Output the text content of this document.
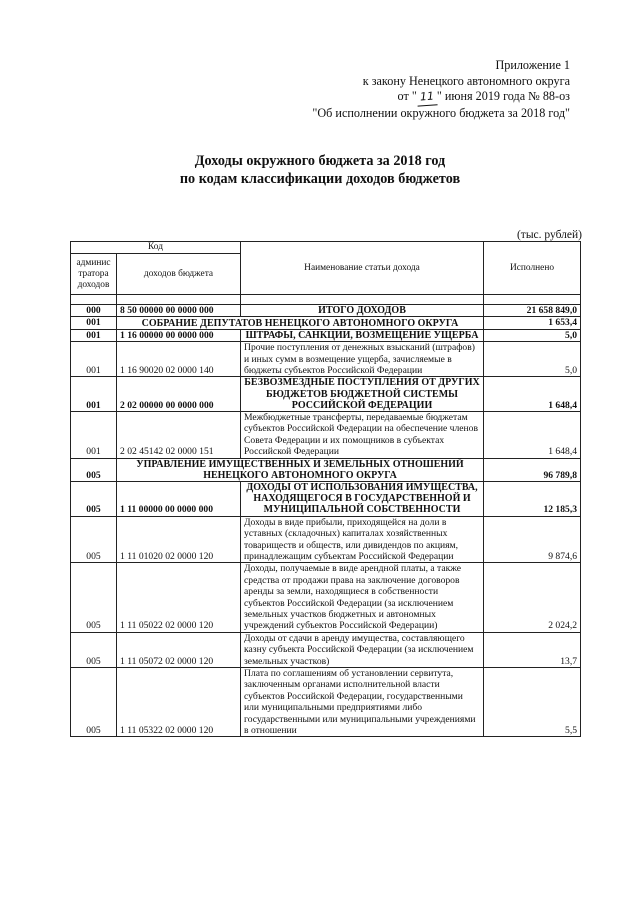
Приложение 1
к закону Ненецкого автономного округа
от " 11 " июня 2019 года № 88-оз
"Об исполнении окружного бюджета за 2018 год"
Доходы окружного бюджета за 2018 год
по кодам классификации доходов бюджетов
(тыс. рублей)
Код		Наименование статьи дохода	Исполнено
админис тратора доходов	доходов бюджета		

000	8 50 00000 00 0000 000	ИТОГО ДОХОДОВ	21 658 849,0
001	СОБРАНИЕ ДЕПУТАТОВ НЕНЕЦКОГО АВТОНОМНОГО ОКРУГА		1 653,4
001	1 16 00000 00 0000 000	ШТРАФЫ, САНКЦИИ, ВОЗМЕЩЕНИЕ УЩЕРБА	5,0
001	1 16 90020 02 0000 140	Прочие поступления от денежных взысканий (штрафов) и иных сумм в возмещение ущерба, зачисляемые в бюджеты субъектов Российской Федерации	5,0
001	2 02 00000 00 0000 000	БЕЗВОЗМЕЗДНЫЕ ПОСТУПЛЕНИЯ ОТ ДРУГИХ БЮДЖЕТОВ БЮДЖЕТНОЙ СИСТЕМЫ РОССИЙСКОЙ ФЕДЕРАЦИИ	1 648,4
001	2 02 45142 02 0000 151	Межбюджетные трансферты, передаваемые бюджетам субъектов Российской Федерации на обеспечение членов Совета Федерации и их помощников в субъектах Российской Федерации	1 648,4
005	УПРАВЛЕНИЕ ИМУЩЕСТВЕННЫХ И ЗЕМЕЛЬНЫХ ОТНОШЕНИЙ НЕНЕЦКОГО АВТОНОМНОГО ОКРУГА		96 789,8
005	1 11 00000 00 0000 000	ДОХОДЫ ОТ ИСПОЛЬЗОВАНИЯ ИМУЩЕСТВА, НАХОДЯЩЕГОСЯ В ГОСУДАРСТВЕННОЙ И МУНИЦИПАЛЬНОЙ СОБСТВЕННОСТИ	12 185,3
005	1 11 01020 02 0000 120	Доходы в виде прибыли, приходящейся на доли в уставных (складочных) капиталах хозяйственных товариществ и обществ, или дивидендов по акциям, принадлежащим субъектам Российской Федерации	9 874,6
005	1 11 05022 02 0000 120	Доходы, получаемые в виде арендной платы, а также средства от продажи права на заключение договоров аренды за земли, находящиеся в собственности субъектов Российской Федерации (за исключением земельных участков бюджетных и автономных учреждений субъектов Российской Федерации)	2 024,2
005	1 11 05072 02 0000 120	Доходы от сдачи в аренду имущества, составляющего казну субъекта Российской Федерации (за исключением земельных участков)	13,7
005	1 11 05322 02 0000 120	Плата по соглашениям об установлении сервитута, заключенным органами исполнительной власти субъектов Российской Федерации, государственными или муниципальными предприятиями либо государственными или муниципальными учреждениями в отношении	5,5
